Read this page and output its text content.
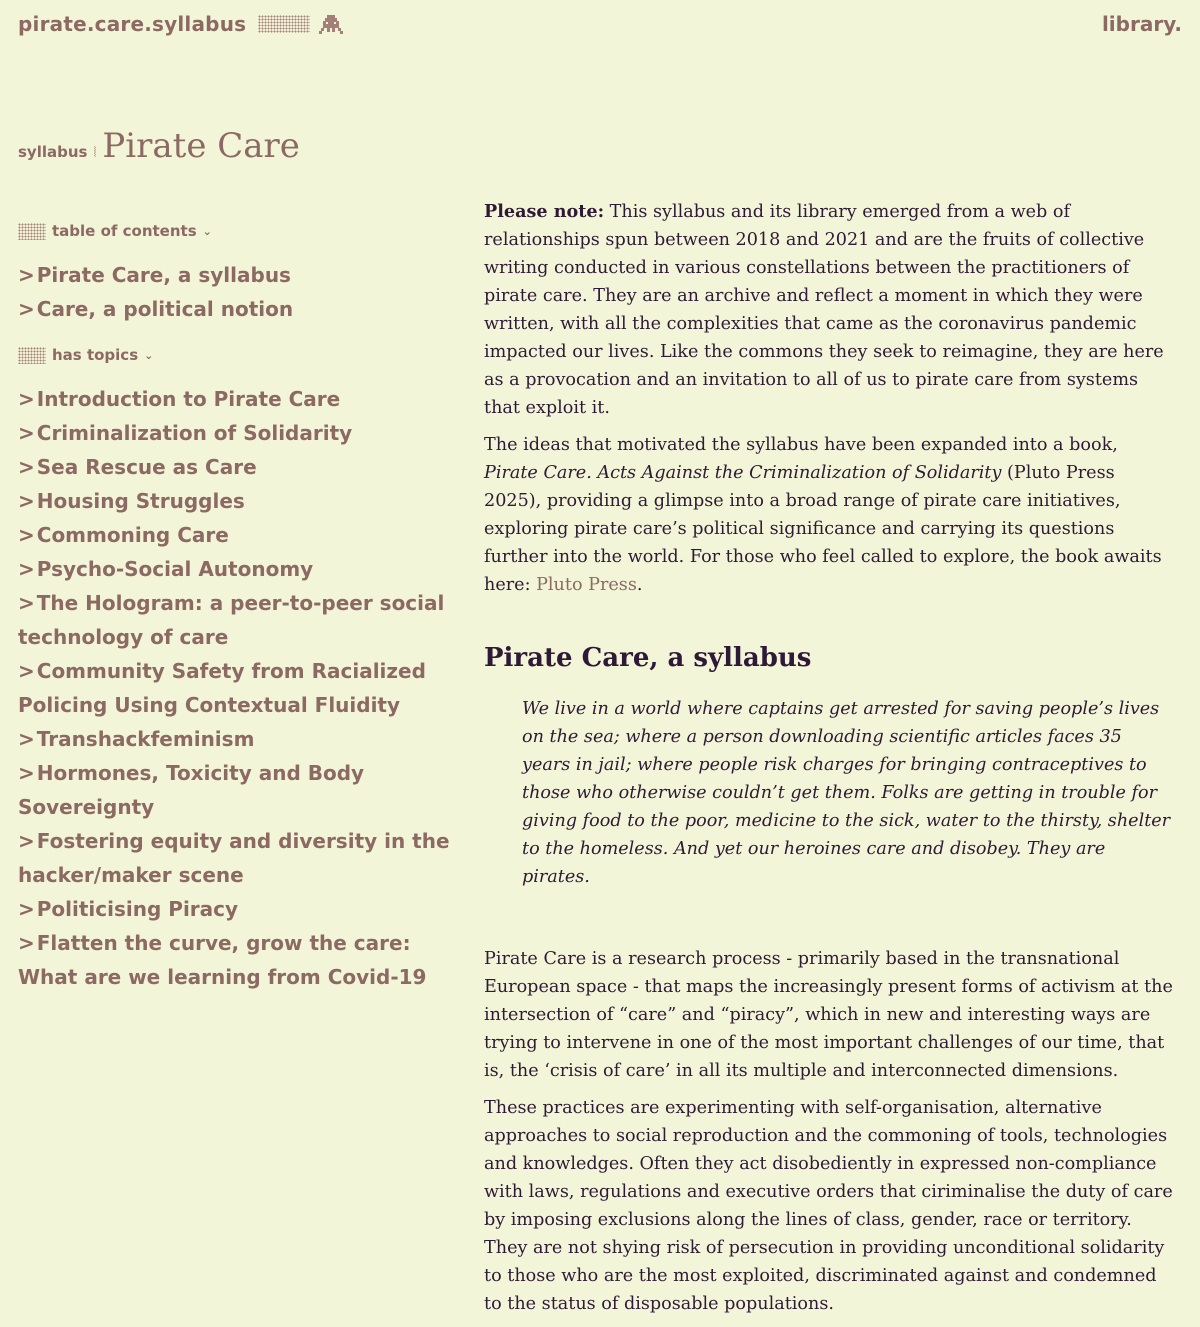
pirate.care.syllabus	library.
syllabus ⦚ Pirate Care
table of contents ⌄
> Pirate Care, a syllabus
> Care, a political notion
has topics ⌄
> Introduction to Pirate Care
> Criminalization of Solidarity
> Sea Rescue as Care
> Housing Struggles
> Commoning Care
> Psycho-Social Autonomy
> The Hologram: a peer-to-peer social technology of care
> Community Safety from Racialized Policing Using Contextual Fluidity
> Transhackfeminism
> Hormones, Toxicity and Body Sovereignty
> Fostering equity and diversity in the hacker/maker scene
> Politicising Piracy
> Flatten the curve, grow the care: What are we learning from Covid-19

Please note: This syllabus and its library emerged from a web of relationships spun between 2018 and 2021 and are the fruits of collective writing conducted in various constellations between the practitioners of pirate care. They are an archive and reflect a moment in which they were written, with all the complexities that came as the coronavirus pandemic impacted our lives. Like the commons they seek to reimagine, they are here as a provocation and an invitation to all of us to pirate care from systems that exploit it.

The ideas that motivated the syllabus have been expanded into a book, Pirate Care. Acts Against the Criminalization of Solidarity (Pluto Press 2025), providing a glimpse into a broad range of pirate care initiatives, exploring pirate care’s political significance and carrying its questions further into the world. For those who feel called to explore, the book awaits here: Pluto Press.

Pirate Care, a syllabus
We live in a world where captains get arrested for saving people’s lives on the sea; where a person downloading scientific articles faces 35 years in jail; where people risk charges for bringing contraceptives to those who otherwise couldn’t get them. Folks are getting in trouble for giving food to the poor, medicine to the sick, water to the thirsty, shelter to the homeless. And yet our heroines care and disobey. They are pirates.

Pirate Care is a research process - primarily based in the transnational European space - that maps the increasingly present forms of activism at the intersection of “care” and “piracy”, which in new and interesting ways are trying to intervene in one of the most important challenges of our time, that is, the ‘crisis of care’ in all its multiple and interconnected dimensions.

These practices are experimenting with self-organisation, alternative approaches to social reproduction and the commoning of tools, technologies and knowledges. Often they act disobediently in expressed non-compliance with laws, regulations and executive orders that ciriminalise the duty of care by imposing exclusions along the lines of class, gender, race or territory. They are not shying risk of persecution in providing unconditional solidarity to those who are the most exploited, discriminated against and condemned to the status of disposable populations.
